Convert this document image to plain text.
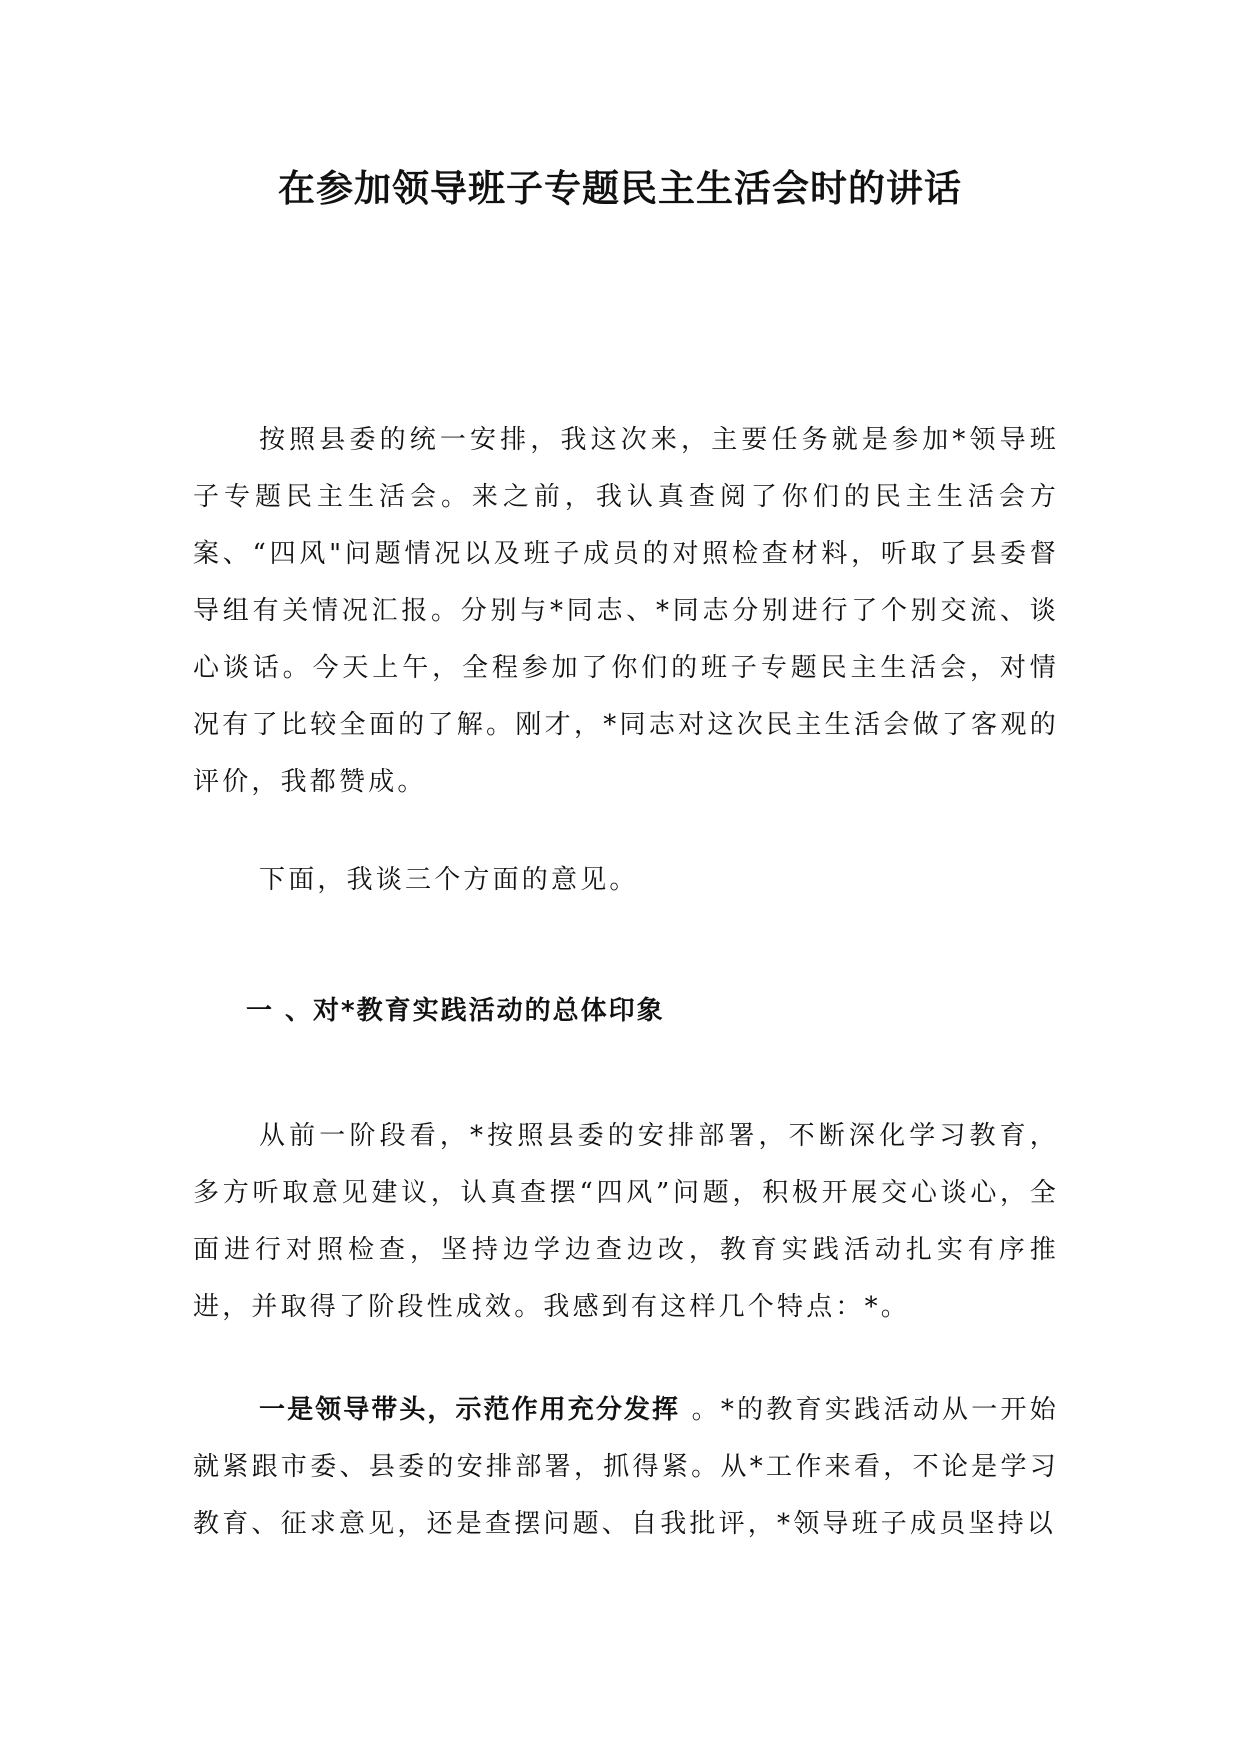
在参加领导班子专题民主生活会时的讲话

按照县委的统一安排，我这次来，主要任务就是参加*领导班子专题民主生活会。来之前，我认真查阅了你们的民主生活会方案、“四风"问题情况以及班子成员的对照检查材料，听取了县委督导组有关情况汇报。分别与*同志、*同志分别进行了个别交流、谈心谈话。今天上午，全程参加了你们的班子专题民主生活会，对情况有了比较全面的了解。刚才，*同志对这次民主生活会做了客观的评价，我都赞成。

下面，我谈三个方面的意见。

一 、对*教育实践活动的总体印象

从前一阶段看，*按照县委的安排部署，不断深化学习教育，多方听取意见建议，认真查摆“四风”问题，积极开展交心谈心，全面进行对照检查，坚持边学边查边改，教育实践活动扎实有序推进，并取得了阶段性成效。我感到有这样几个特点：*。

一是领导带头，示范作用充分发挥 。*的教育实践活动从一开始就紧跟市委、县委的安排部署，抓得紧。从*工作来看，不论是学习教育、征求意见，还是查摆问题、自我批评，*领导班子成员坚持以
